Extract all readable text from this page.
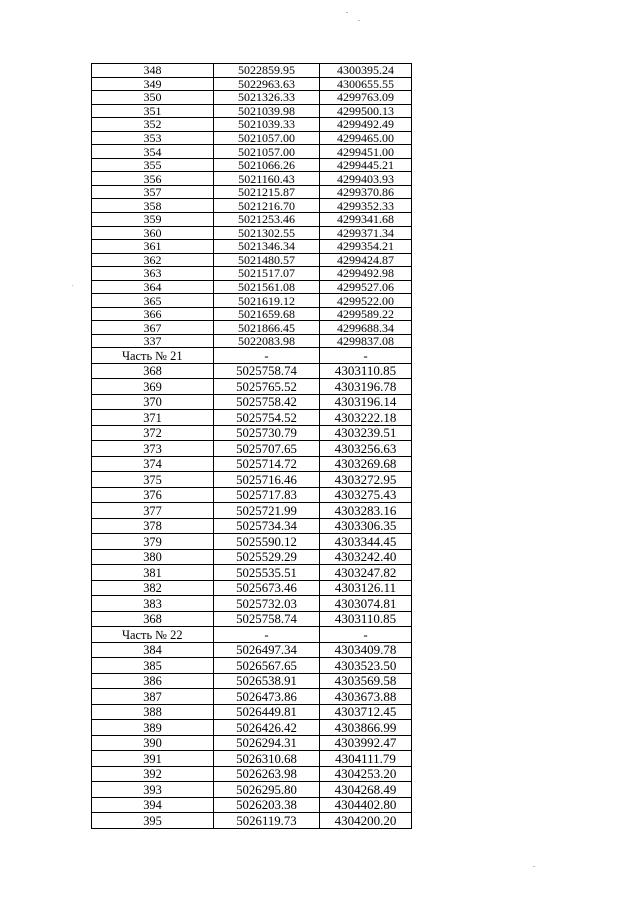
348	5022859.95	4300395.24
349	5022963.63	4300655.55
350	5021326.33	4299763.09
351	5021039.98	4299500.13
352	5021039.33	4299492.49
353	5021057.00	4299465.00
354	5021057.00	4299451.00
355	5021066.26	4299445.21
356	5021160.43	4299403.93
357	5021215.87	4299370.86
358	5021216.70	4299352.33
359	5021253.46	4299341.68
360	5021302.55	4299371.34
361	5021346.34	4299354.21
362	5021480.57	4299424.87
363	5021517.07	4299492.98
364	5021561.08	4299527.06
365	5021619.12	4299522.00
366	5021659.68	4299589.22
367	5021866.45	4299688.34
337	5022083.98	4299837.08
Часть № 21	-	-
368	5025758.74	4303110.85
369	5025765.52	4303196.78
370	5025758.42	4303196.14
371	5025754.52	4303222.18
372	5025730.79	4303239.51
373	5025707.65	4303256.63
374	5025714.72	4303269.68
375	5025716.46	4303272.95
376	5025717.83	4303275.43
377	5025721.99	4303283.16
378	5025734.34	4303306.35
379	5025590.12	4303344.45
380	5025529.29	4303242.40
381	5025535.51	4303247.82
382	5025673.46	4303126.11
383	5025732.03	4303074.81
368	5025758.74	4303110.85
Часть № 22	-	-
384	5026497.34	4303409.78
385	5026567.65	4303523.50
386	5026538.91	4303569.58
387	5026473.86	4303673.88
388	5026449.81	4303712.45
389	5026426.42	4303866.99
390	5026294.31	4303992.47
391	5026310.68	4304111.79
392	5026263.98	4304253.20
393	5026295.80	4304268.49
394	5026203.38	4304402.80
395	5026119.73	4304200.20
